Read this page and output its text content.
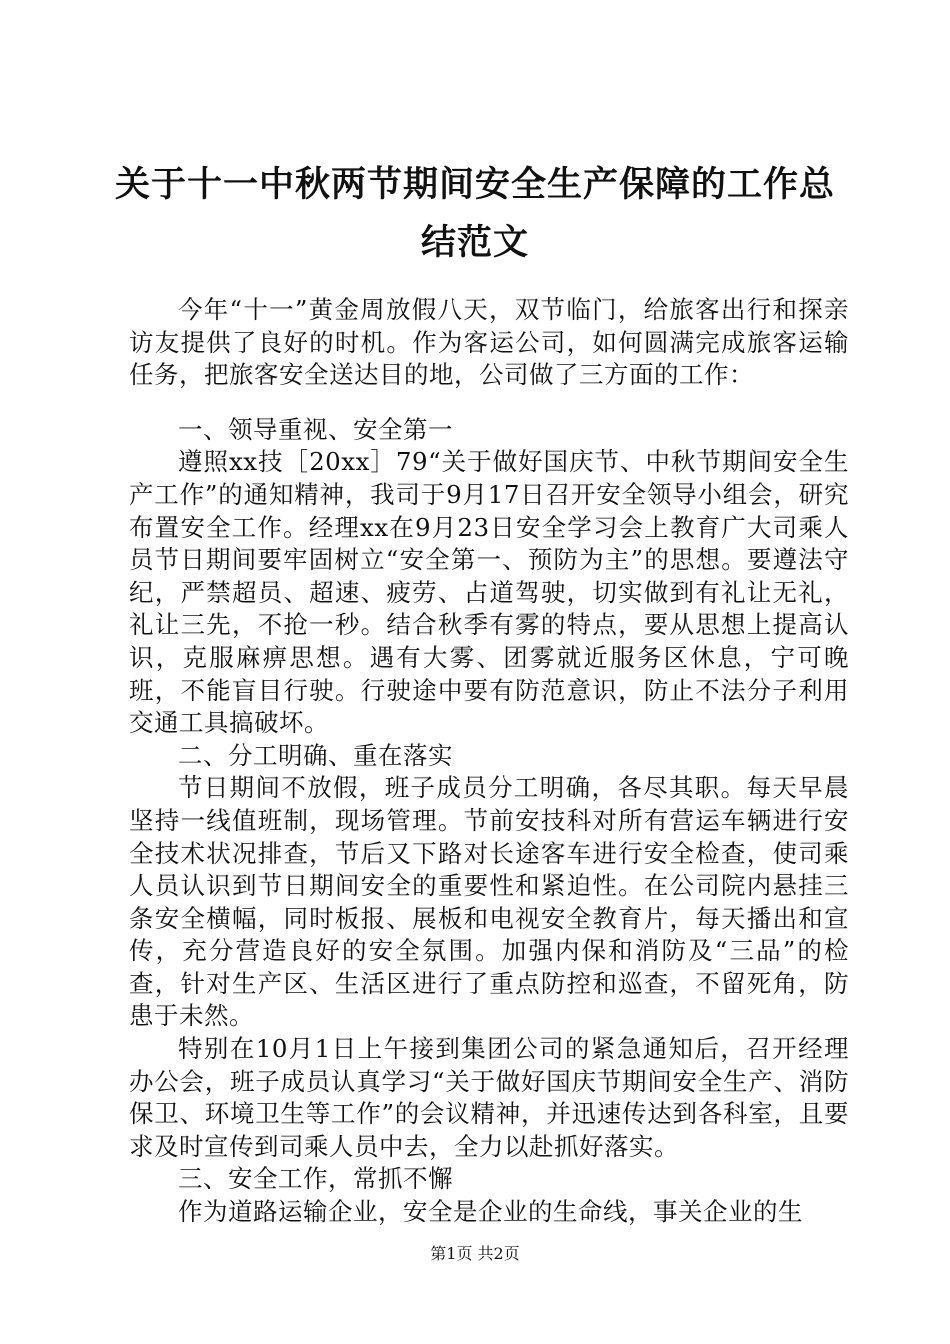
关于十一中秋两节期间安全生产保障的工作总
结范文

今年“十一”黄金周放假八天，双节临门，给旅客出行和探亲访友提供了良好的时机。作为客运公司，如何圆满完成旅客运输任务，把旅客安全送达目的地，公司做了三方面的工作：

一、领导重视、安全第一

遵照xx技［20xx］79“关于做好国庆节、中秋节期间安全生产工作”的通知精神，我司于9月17日召开安全领导小组会，研究布置安全工作。经理xx在9月23日安全学习会上教育广大司乘人员节日期间要牢固树立“安全第一、预防为主”的思想。要遵法守纪，严禁超员、超速、疲劳、占道驾驶，切实做到有礼让无礼，礼让三先，不抢一秒。结合秋季有雾的特点，要从思想上提高认识，克服麻痹思想。遇有大雾、团雾就近服务区休息，宁可晚班，不能盲目行驶。行驶途中要有防范意识，防止不法分子利用交通工具搞破坏。

二、分工明确、重在落实

节日期间不放假，班子成员分工明确，各尽其职。每天早晨坚持一线值班制，现场管理。节前安技科对所有营运车辆进行安全技术状况排查，节后又下路对长途客车进行安全检查，使司乘人员认识到节日期间安全的重要性和紧迫性。在公司院内悬挂三条安全横幅，同时板报、展板和电视安全教育片，每天播出和宣传，充分营造良好的安全氛围。加强内保和消防及“三品”的检查，针对生产区、生活区进行了重点防控和巡查，不留死角，防患于未然。

特别在10月1日上午接到集团公司的紧急通知后，召开经理办公会，班子成员认真学习“关于做好国庆节期间安全生产、消防保卫、环境卫生等工作”的会议精神，并迅速传达到各科室，且要求及时宣传到司乘人员中去，全力以赴抓好落实。

三、安全工作，常抓不懈

作为道路运输企业，安全是企业的生命线，事关企业的生

第1页 共2页
